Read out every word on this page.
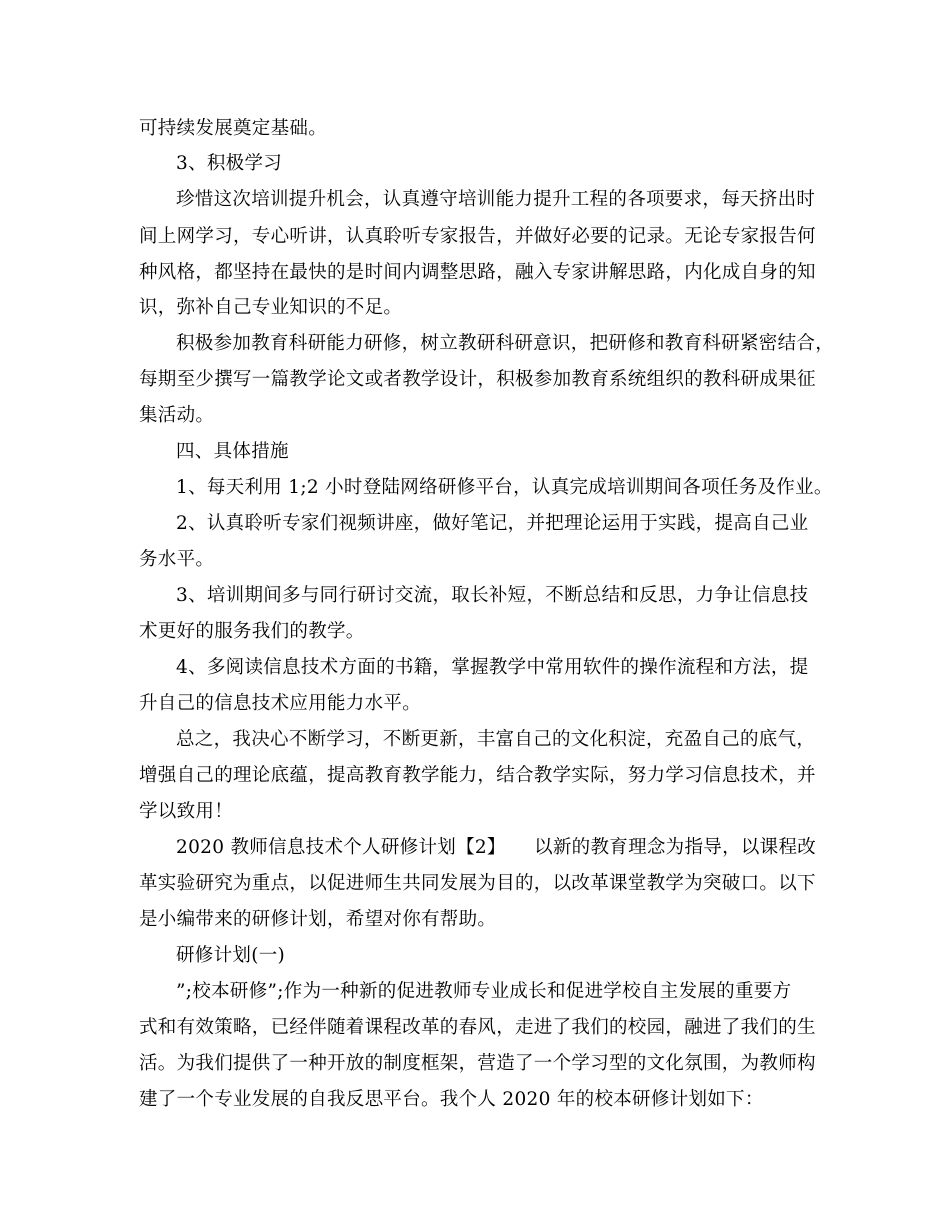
可持续发展奠定基础。
3、积极学习
珍惜这次培训提升机会，认真遵守培训能力提升工程的各项要求，每天挤出时
间上网学习，专心听讲，认真聆听专家报告，并做好必要的记录。无论专家报告何
种风格，都坚持在最快的是时间内调整思路，融入专家讲解思路，内化成自身的知
识，弥补自己专业知识的不足。
积极参加教育科研能力研修，树立教研科研意识，把研修和教育科研紧密结合，
每期至少撰写一篇教学论文或者教学设计，积极参加教育系统组织的教科研成果征
集活动。
四、具体措施
1、每天利用 1;2 小时登陆网络研修平台，认真完成培训期间各项任务及作业。
2、认真聆听专家们视频讲座，做好笔记，并把理论运用于实践，提高自己业
务水平。
3、培训期间多与同行研讨交流，取长补短，不断总结和反思，力争让信息技
术更好的服务我们的教学。
4、多阅读信息技术方面的书籍，掌握教学中常用软件的操作流程和方法，提
升自己的信息技术应用能力水平。
总之，我决心不断学习，不断更新，丰富自己的文化积淀，充盈自己的底气，
增强自己的理论底蕴，提高教育教学能力，结合教学实际，努力学习信息技术，并
学以致用！
2020 教师信息技术个人研修计划【2】　　以新的教育理念为指导，以课程改
革实验研究为重点，以促进师生共同发展为目的，以改革课堂教学为突破口。以下
是小编带来的研修计划，希望对你有帮助。
研修计划(一)
”;校本研修”;作为一种新的促进教师专业成长和促进学校自主发展的重要方
式和有效策略，已经伴随着课程改革的春风，走进了我们的校园，融进了我们的生
活。为我们提供了一种开放的制度框架，营造了一个学习型的文化氛围，为教师构
建了一个专业发展的自我反思平台。我个人 2020 年的校本研修计划如下：
